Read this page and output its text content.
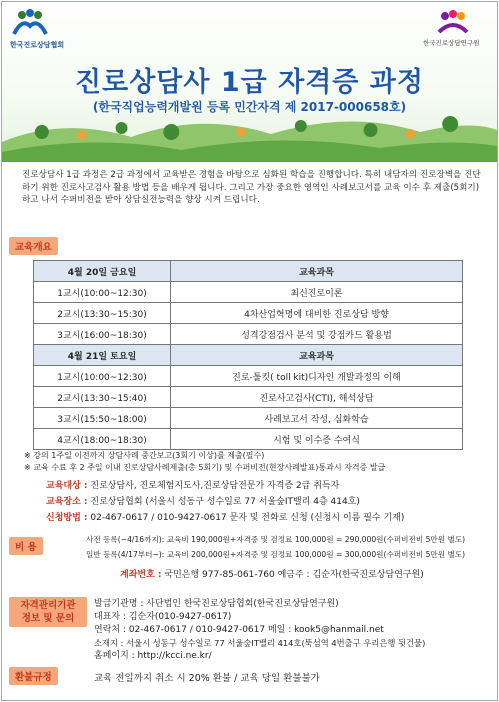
한국진로상담협회	한국진로상담연구원
진로상담사 1급 자격증 과정
(한국직업능력개발원 등록 민간자격 제 2017-000658호)
진로상담사 1급 과정은 2급 과정에서 교육받은 경험을 바탕으로 심화된 학습을 진행합니다. 특히 내담자의 진로장벽을 진단하기 위한 진로사고검사 활용 방법 등을 배우게 됩니다. 그리고 가장 중요한 영역인 사례보고서를 교육 이수 후 제출(5회기)하고 나서 수퍼비전을 받아 상담실전능력을 향상 시켜 드립니다.
교육개요
4월 20일 금요일	교육과목
1교시(10:00~12:30)	최신진로이론
2교시(13:30~15:30)	4차산업혁명에 대비한 진로상담 방향
3교시(16:00~18:30)	성격강점검사 분석 및 강점카드 활용법
4월 21일 토요일	교육과목
1교시(10:00~12:30)	진로-툴킷( toll kit)디자인 개발과정의 이해
2교시(13:30~15:40)	진로사고검사(CTI), 해석상담
3교시(15:50~18:00)	사례보고서 작성, 심화학습
4교시(18:00~18:30)	시험 및 이수증 수여식
※ 강의 1주일 이전까지 상담사례 중간보고(3회기 이상)를 제출(필수)
※ 교육 수료 후 2 주일 이내 진로상담사례제출(총 5회기) 및 수퍼비전(현장사례발표)통과시 자격증 발급
교육대상 : 진로상담사, 진로체험지도사,진로상담전문가 자격증 2급 취득자
교육장소 : 진로상담협회 (서울시 성동구 성수일로 77 서울숲IT밸리 4층 414호)
신청방법 : 02-467-0617 / 010-9427-0617 문자 및 전화로 신청 (신청시 이름 필수 기재)
비 용
사전 등록(~4/16까지): 교육비 190,000원+자격증 및 검정료 100,000원 = 290,000원(수퍼비전비 5만원 별도)
일반 등록(4/17부터~): 교육비 200,000원+자격증 및 검정료 100,000원 = 300,000원(수퍼비전비 5만원 별도)
계좌번호 : 국민은행 977-85-061-760 예금주 : 김순자(한국진로상담연구원)
자격관리기관 정보 및 문의
발급기관명 : 사단법인 한국진로상담협회(한국진로상담연구원)
대표자 : 김순자(010-9427-0617)
연락처 : 02-467-0617 / 010-9427-0617 메일 : kook5@hanmail.net
소재지 : 서울시 성동구 성수일로 77 서울숲IT밸리 414호(뚝섬역 4번출구 우리은행 뒷건물)
홈페이지 : http://kcci.ne.kr/
환불규정	교육 전일까지 취소 시 20% 환불 / 교육 당일 환불불가
